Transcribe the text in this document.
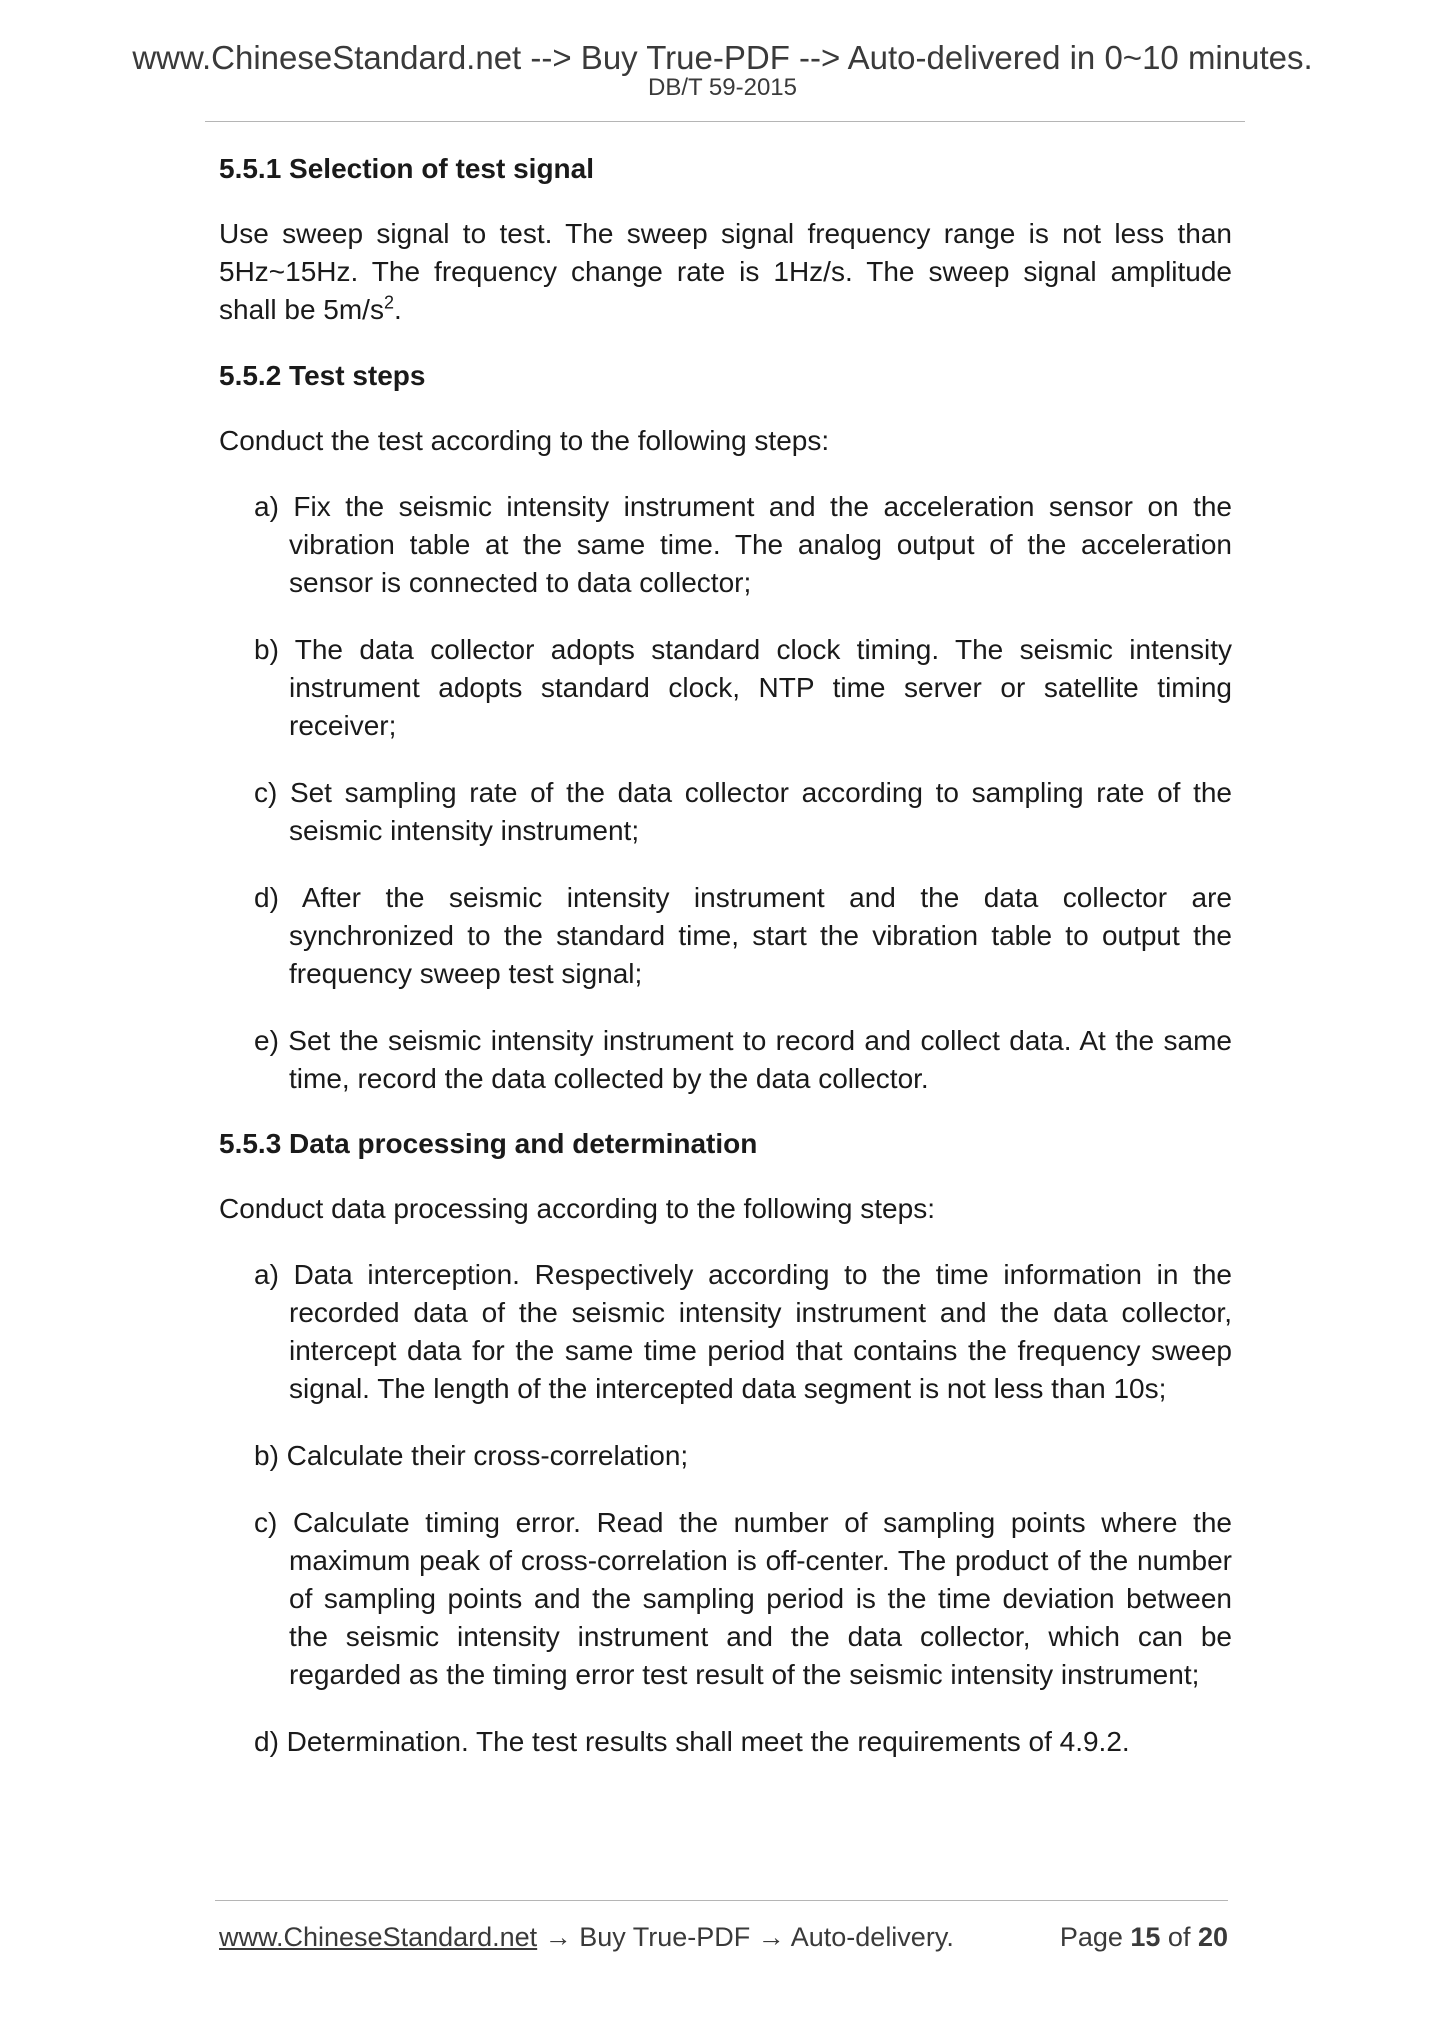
www.ChineseStandard.net --> Buy True-PDF --> Auto-delivered in 0~10 minutes.
DB/T 59-2015
5.5.1 Selection of test signal
Use sweep signal to test. The sweep signal frequency range is not less than 5Hz~15Hz. The frequency change rate is 1Hz/s. The sweep signal amplitude shall be $5m/s^2$.
5.5.2 Test steps
Conduct the test according to the following steps:
a) Fix the seismic intensity instrument and the acceleration sensor on the vibration table at the same time. The analog output of the acceleration sensor is connected to data collector;
b) The data collector adopts standard clock timing. The seismic intensity instrument adopts standard clock, NTP time server or satellite timing receiver;
c) Set sampling rate of the data collector according to sampling rate of the seismic intensity instrument;
d) After the seismic intensity instrument and the data collector are synchronized to the standard time, start the vibration table to output the frequency sweep test signal;
e) Set the seismic intensity instrument to record and collect data. At the same time, record the data collected by the data collector.
5.5.3 Data processing and determination
Conduct data processing according to the following steps:
a) Data interception. Respectively according to the time information in the recorded data of the seismic intensity instrument and the data collector, intercept data for the same time period that contains the frequency sweep signal. The length of the intercepted data segment is not less than 10s;
b) Calculate their cross-correlation;
c) Calculate timing error. Read the number of sampling points where the maximum peak of cross-correlation is off-center. The product of the number of sampling points and the sampling period is the time deviation between the seismic intensity instrument and the data collector, which can be regarded as the timing error test result of the seismic intensity instrument;
d) Determination. The test results shall meet the requirements of 4.9.2.
www.ChineseStandard.net → Buy True-PDF → Auto-delivery.	Page 15 of 20
